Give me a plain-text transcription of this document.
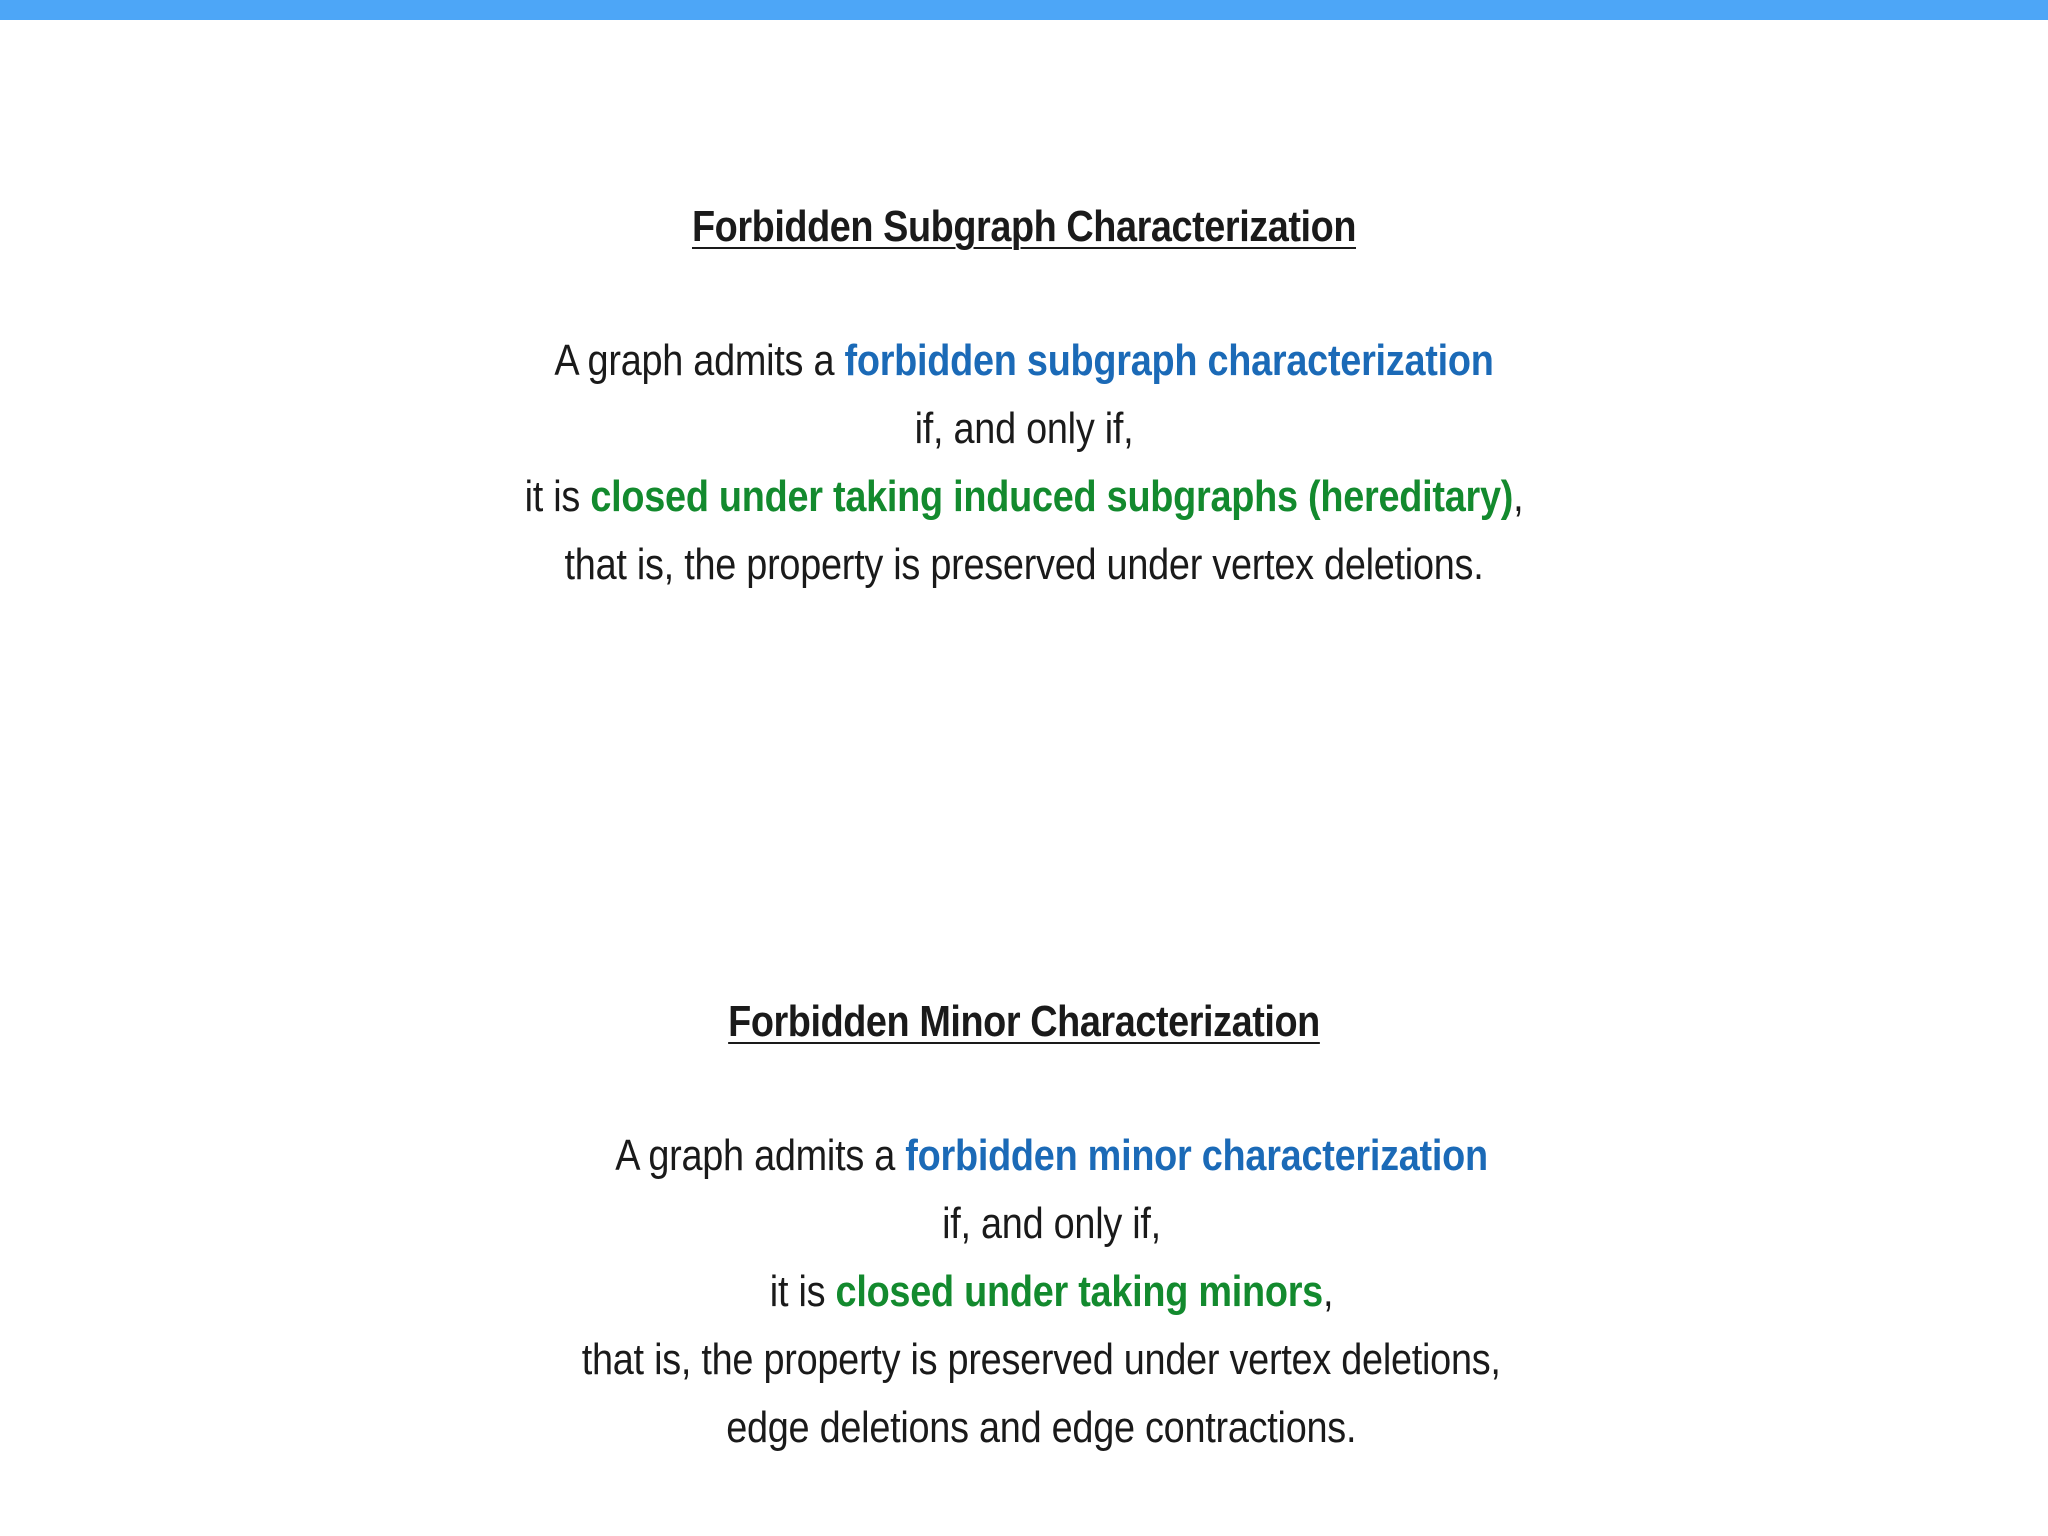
Forbidden Subgraph Characterization
A graph admits a forbidden subgraph characterization
if, and only if,
it is closed under taking induced subgraphs (hereditary),
that is, the property is preserved under vertex deletions.
Forbidden Minor Characterization
A graph admits a forbidden minor characterization
if, and only if,
it is closed under taking minors,
that is, the property is preserved under vertex deletions,
edge deletions and edge contractions.
